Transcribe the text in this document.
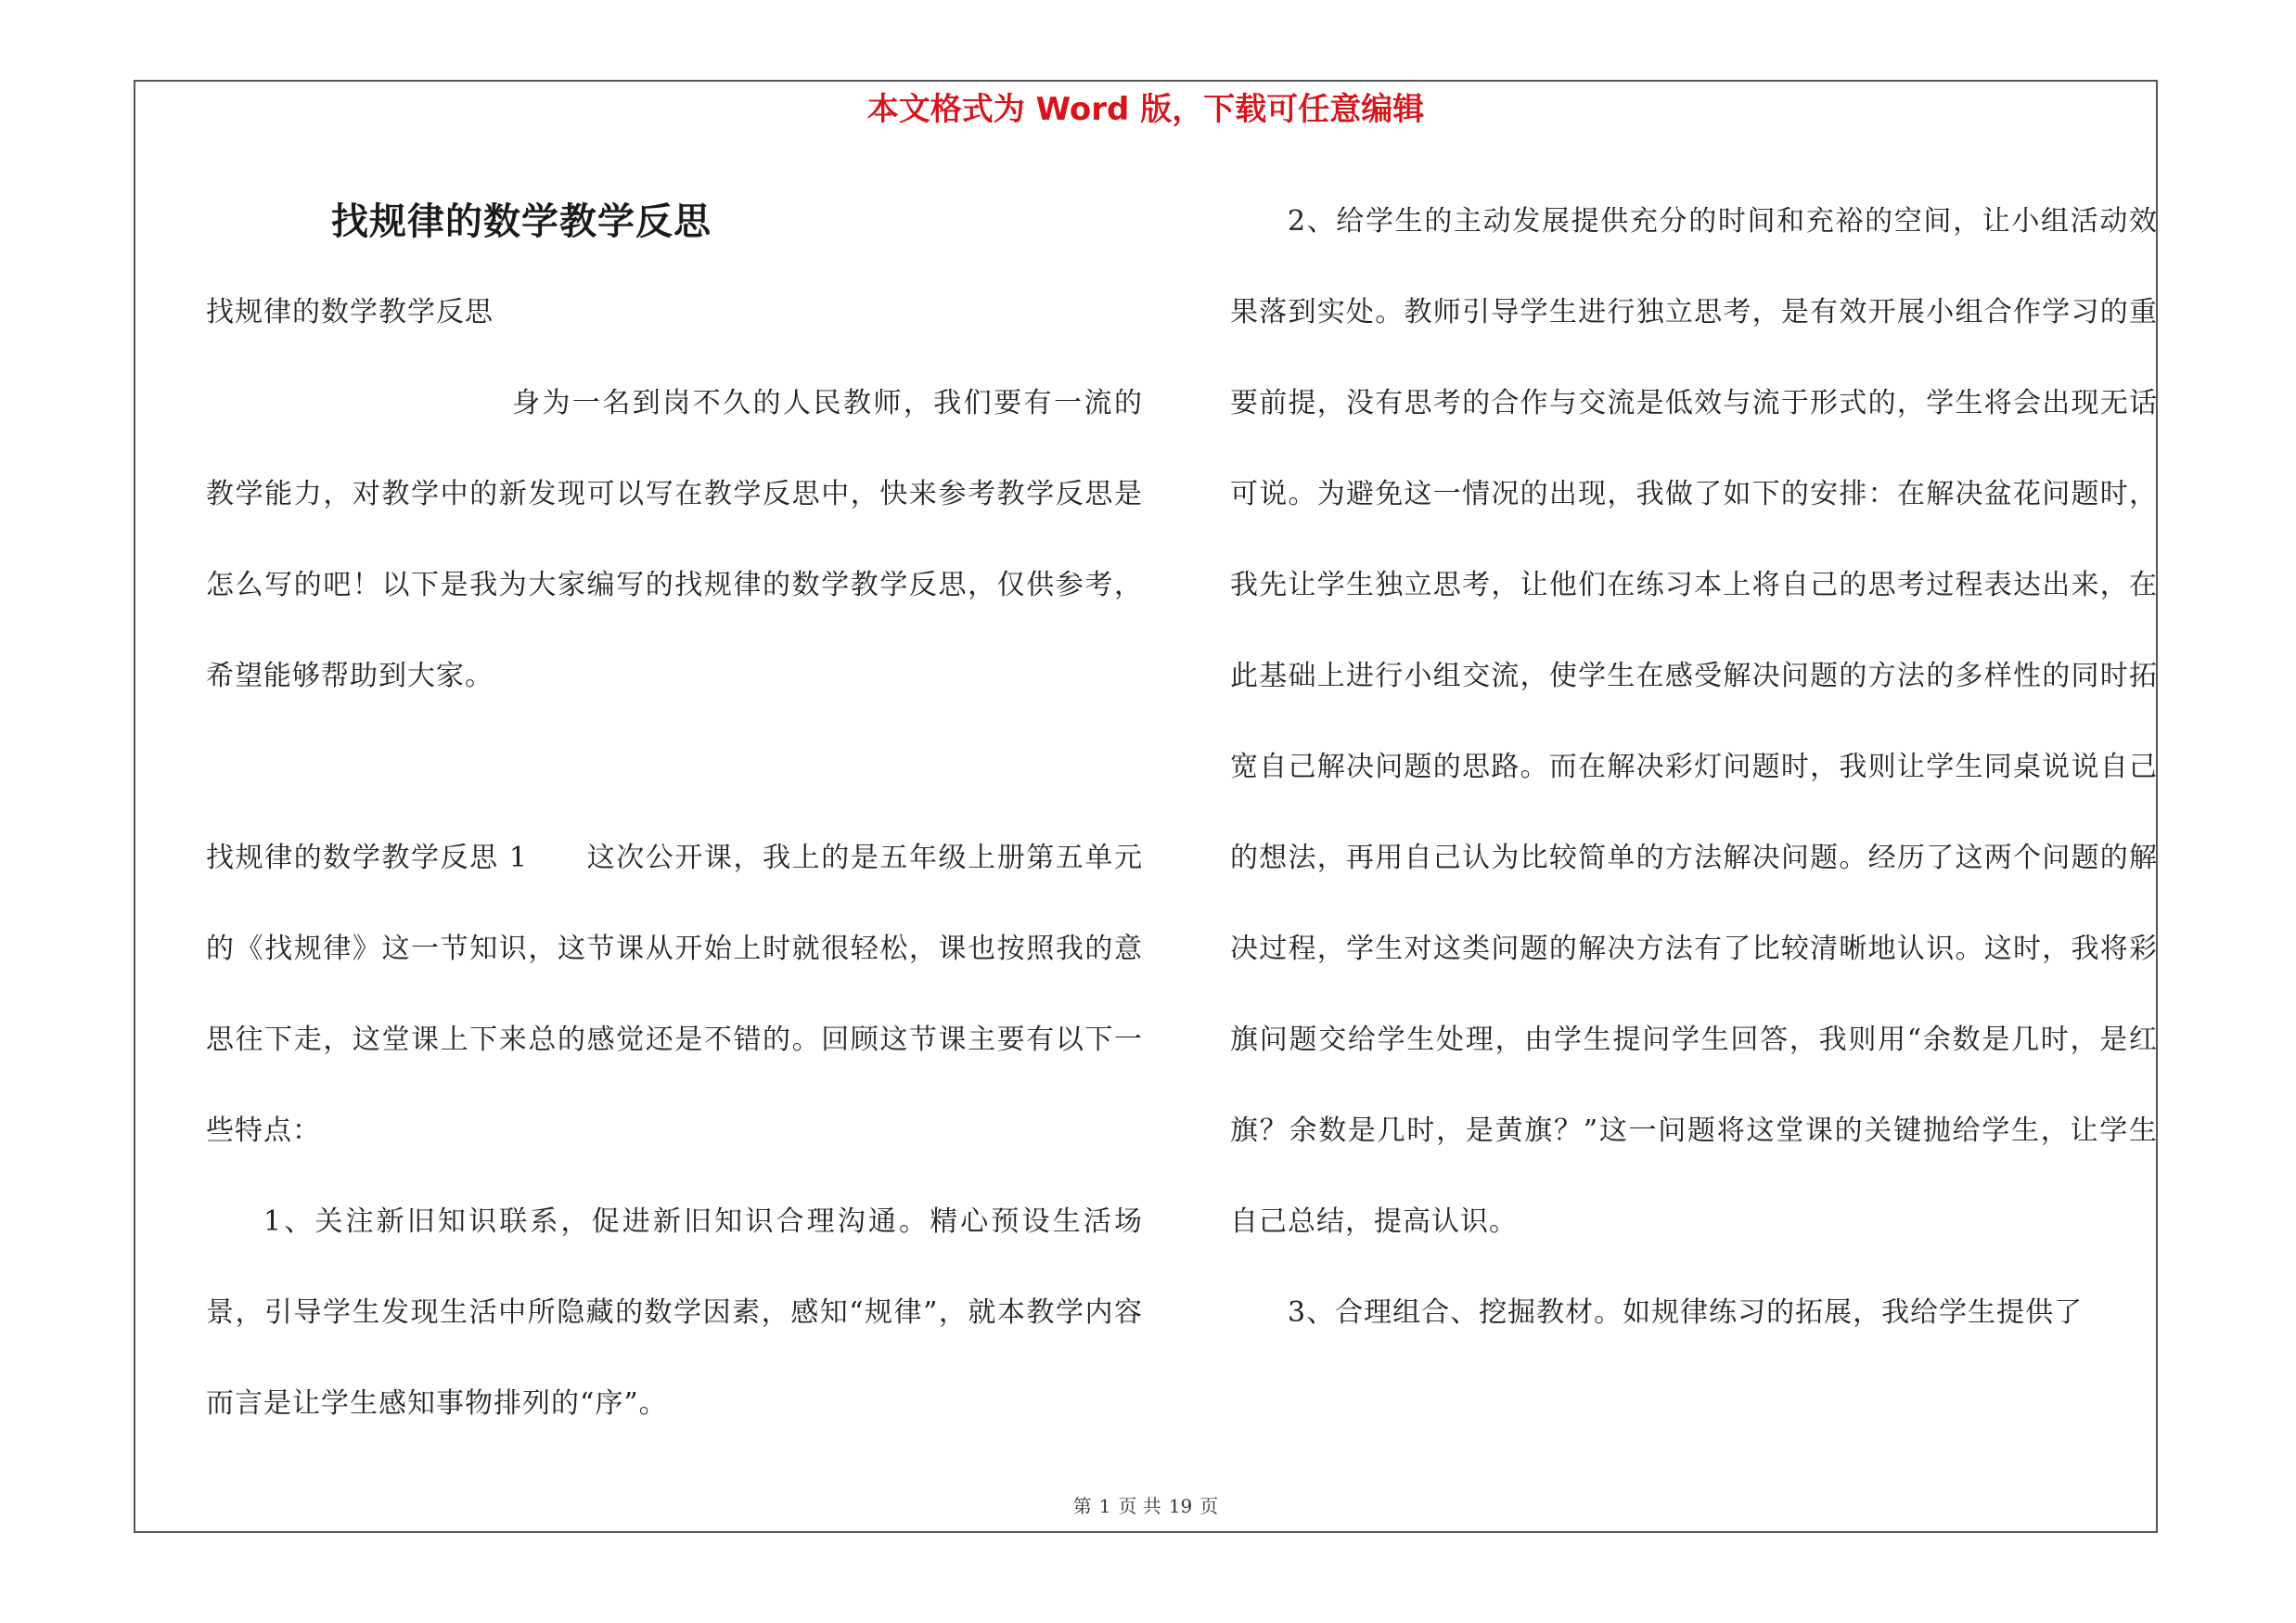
本文格式为 Word 版，下载可任意编辑
找规律的数学教学反思

找规律的数学教学反思

身为一名到岗不久的人民教师，我们要有一流的教学能力，对教学中的新发现可以写在教学反思中，快来参考教学反思是怎么写的吧！以下是我为大家编写的找规律的数学教学反思，仅供参考，希望能够帮助到大家。

找规律的数学教学反思 1　　这次公开课，我上的是五年级上册第五单元的《找规律》这一节知识，这节课从开始上时就很轻松，课也按照我的意思往下走，这堂课上下来总的感觉还是不错的。回顾这节课主要有以下一些特点：

1、关注新旧知识联系，促进新旧知识合理沟通。精心预设生活场景，引导学生发现生活中所隐藏的数学因素，感知“规律”，就本教学内容而言是让学生感知事物排列的“序”。

2、给学生的主动发展提供充分的时间和充裕的空间，让小组活动效果落到实处。教师引导学生进行独立思考，是有效开展小组合作学习的重要前提，没有思考的合作与交流是低效与流于形式的，学生将会出现无话可说。为避免这一情况的出现，我做了如下的安排：在解决盆花问题时，我先让学生独立思考，让他们在练习本上将自己的思考过程表达出来，在此基础上进行小组交流，使学生在感受解决问题的方法的多样性的同时拓宽自己解决问题的思路。而在解决彩灯问题时，我则让学生同桌说说自己的想法，再用自己认为比较简单的方法解决问题。经历了这两个问题的解决过程，学生对这类问题的解决方法有了比较清晰地认识。这时，我将彩旗问题交给学生处理，由学生提问学生回答，我则用“余数是几时，是红旗？余数是几时，是黄旗？”这一问题将这堂课的关键抛给学生，让学生自己总结，提高认识。

3、合理组合、挖掘教材。如规律练习的拓展，我给学生提供了

第 1 页 共 19 页
